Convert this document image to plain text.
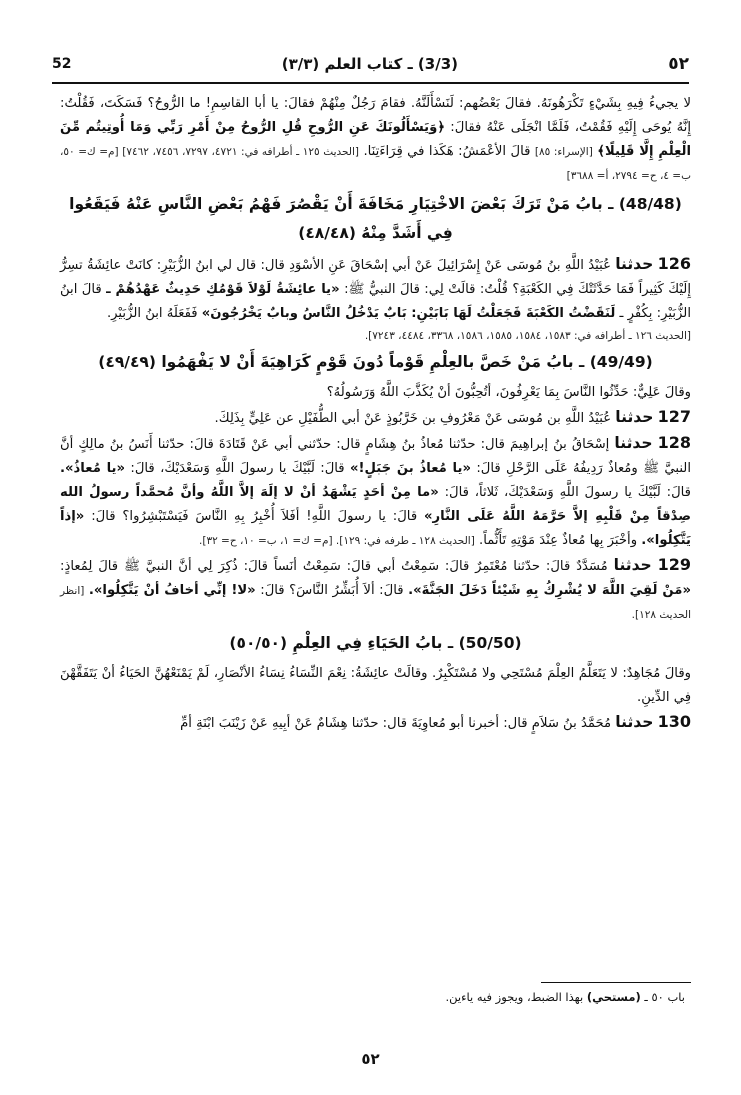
٥٢
(3/3) ـ كتاب العلم (٣/٣)
52

لا يجيءُ فِيهِ بِشَيْءٍ تَكْرَهُونَهُ. فقالَ بَعْضُهم: لَنَسْأَلَنَّهُ. فقامَ رَجُلٌ مِنْهُمْ فقالَ: يا أبا القاسِمِ! ما الرُّوحُ؟ فَسَكَتَ، فَقُلْتُ: إِنَّهُ يُوحَى إِلَيْهِ فَقُمْتُ، فَلَمَّا انْجَلَى عَنْهُ فقالَ: ﴿وَيَسْأَلُونَكَ عَنِ الرُّوحِ قُلِ الرُّوحُ مِنْ أَمْرِ رَبِّي وَمَا أُوتِيتُم مِّنَ الْعِلْمِ إِلَّا قَلِيلًا﴾ [الإسراء: ٨٥] قالَ الأعْمَشُ: هَكَذا في قِرَاءَتِنَا. [الحديث ١٢٥ ـ أطرافه في: ٤٧٢١، ٧٢٩٧، ٧٤٥٦، ٧٤٦٢] [م= ك= ٥٠، ب= ٤، ح= ٢٧٩٤، أ= ٣٦٨٨]

(48/48) ـ بابُ مَنْ تَرَكَ بَعْضَ الاخْتِيَارِ مَخَافَةَ أَنْ يَقْصُرَ فَهْمُ بَعْضِ النَّاسِ عَنْهُ فَيَقَعُوا فِي أَشَدَّ مِنْهُ (٤٨/٤٨)

126 حدثنا عُبَيْدُ اللَّهِ بنُ مُوسَى عَنْ إِسْرَائِيلَ عَنْ أبي إسْحَاقَ عَنِ الأسْوَدِ قال: قال لي ابنُ الزُّبَيْرِ: كانَتْ عائِشَةُ تسِرُّ إِلَيْكَ كَثِيراً فَمَا حَدَّثَتْكَ فِي الكَعْبَةِ؟ قُلْتُ: قالَتْ لِي: قالَ النبيُّ ﷺ: «يا عائِشَةُ لَوْلاَ قَوْمُكِ حَدِيثٌ عَهْدُهُمْ ـ قالَ ابنُ الزُّبَيْرِ: بِكُفْرٍ ـ لَنَقَضْتُ الكَعْبَةَ فَجَعَلْتُ لَهَا بَابَيْنِ: بَابٌ يَدْخُلُ النَّاسُ وبابٌ يَخْرُجُونَ» فَفَعَلَهُ ابنُ الزُّبَيْرِ.

[الحديث ١٢٦ ـ أطرافه في: ١٥٨٣، ١٥٨٤، ١٥٨٥، ١٥٨٦، ٣٣٦٨، ٤٤٨٤، ٧٢٤٣].

(49/49) ـ بابُ مَنْ خَصَّ بالعِلْمِ قَوْماً دُونَ قَوْمٍ كَرَاهِيَةَ أَنْ لا يَفْهَمُوا (٤٩/٤٩)

وقالَ عَلِيٌّ: حَدِّثُوا النَّاسَ بِمَا يَعْرِفُونَ، أتُحِبُّونَ أنْ يُكَذَّبَ اللَّهُ وَرَسُولُهُ؟

127 حدثنا عُبَيْدُ اللَّهِ بن مُوسَى عَنْ مَعْرُوفِ بن خَرَّبُوذٍ عَنْ أبي الطُّفَيْلِ عن عَلِيٍّ بِذَلِكَ.

128 حدثنا إسْحَاقُ بنُ إبراهِيمَ قال: حدّثنا مُعاذُ بنُ هِشَامٍ قال: حدّثني أبي عَنْ قَتَادَةَ قالَ: حدّثنا أَنَسُ بنُ مالِكٍ أنَّ النبيَّ ﷺ ومُعاذٌ رَدِيفُهُ عَلَى الرَّحْلِ قالَ: «يا مُعاذُ بنَ جَبَلٍ!» قالَ: لَبَّيْكَ يا رسولَ اللَّهِ وَسَعْدَيْكَ، قالَ: «يا مُعاذُ». قالَ: لَبَّيْكَ يا رسولَ اللَّهِ وَسَعْدَيْكَ، ثَلاثاً، قالَ: «ما مِنْ أحَدٍ يَشْهَدُ أنْ لا إلَهَ إلاَّ اللَّهُ وأنَّ مُحمَّداً رسولُ الله صِدْقاً مِنْ قَلْبِهِ إلاَّ حَرَّمَهُ اللَّهُ عَلَى النَّارِ» قالَ: يا رسولَ اللَّهِ! أفَلاَ أُخْبِرُ بِهِ النَّاسَ فَيَسْتَبْشِرُوا؟ قالَ: «إذاً يَتَّكِلُوا». وأخْبَرَ بِها مُعاذٌ عِنْدَ مَوْتِهِ تَأَثُّماً. [الحديث ١٢٨ ـ طرفه في: ١٢٩]. [م= ك= ١، ب= ١٠، ح= ٣٢].

129 حدثنا مُسَدَّدٌ قالَ: حدّثنا مُعْتَمِرٌ قالَ: سَمِعْتُ أبي قالَ: سَمِعْتُ أنَساً قالَ: ذُكِرَ لِي أنَّ النبيَّ ﷺ قالَ لِمُعاذٍ: «مَنْ لَقِيَ اللَّهَ لا يُشْرِكُ بِهِ شَيْئاً دَخَلَ الجَنَّةَ». قالَ: ألاَ أُبَشِّرُ النَّاسَ؟ قالَ: «لا! إنِّي أخافُ أنْ يَتَّكِلُوا». [انظر الحديث ١٢٨].

(50/50) ـ بابُ الحَيَاءِ فِي العِلْمِ (٥٠/٥٠)

وقالَ مُجَاهِدٌ: لا يَتَعَلَّمُ العِلْمَ مُسْتَحِي ولا مُسْتَكْبِرٌ. وقالَتْ عائِشَةُ: نِعْمَ النِّسَاءُ نِسَاءُ الأنْصَارِ، لَمْ يَمْنَعْهُنَّ الحَيَاءُ أنْ يَتَفَقَّهْنَ فِي الدِّينِ.

130 حدثنا مُحَمَّدُ بنُ سَلاَمٍ قال: أخبرنا أبو مُعاوِيَةَ قال: حدّثنا هِشَامٌ عَنْ أبِيهِ عَنْ زَيْنَبَ ابْنَةِ أمِّ

باب ٥٠ ـ (مستحي) بهذا الضبط، ويجوز فيه ياءين.
٥٢
